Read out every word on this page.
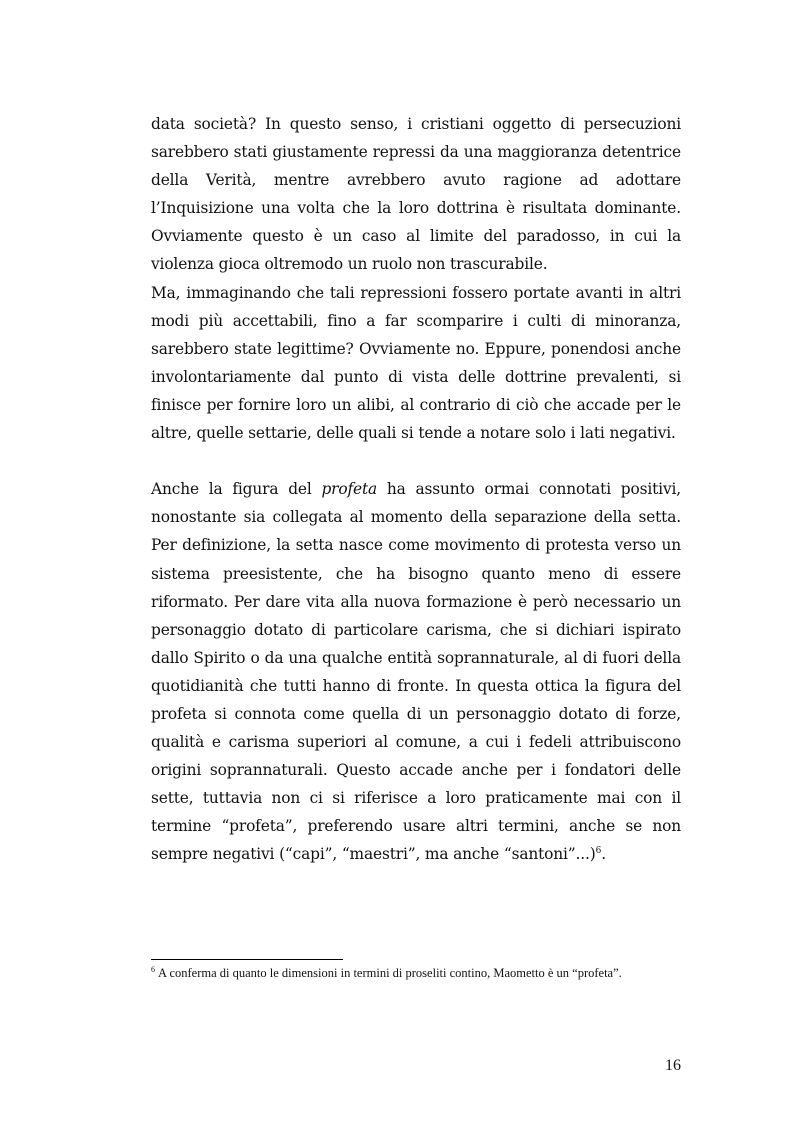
data società? In questo senso, i cristiani oggetto di persecuzioni sarebbero stati giustamente repressi da una maggioranza detentrice della Verità, mentre avrebbero avuto ragione ad adottare l’Inquisizione una volta che la loro dottrina è risultata dominante. Ovviamente questo è un caso al limite del paradosso, in cui la violenza gioca oltremodo un ruolo non trascurabile.

Ma, immaginando che tali repressioni fossero portate avanti in altri modi più accettabili, fino a far scomparire i culti di minoranza, sarebbero state legittime? Ovviamente no. Eppure, ponendosi anche involontariamente dal punto di vista delle dottrine prevalenti, si finisce per fornire loro un alibi, al contrario di ciò che accade per le altre, quelle settarie, delle quali si tende a notare solo i lati negativi.

Anche la figura del profeta ha assunto ormai connotati positivi, nonostante sia collegata al momento della separazione della setta. Per definizione, la setta nasce come movimento di protesta verso un sistema preesistente, che ha bisogno quanto meno di essere riformato. Per dare vita alla nuova formazione è però necessario un personaggio dotato di particolare carisma, che si dichiari ispirato dallo Spirito o da una qualche entità soprannaturale, al di fuori della quotidianità che tutti hanno di fronte. In questa ottica la figura del profeta si connota come quella di un personaggio dotato di forze, qualità e carisma superiori al comune, a cui i fedeli attribuiscono origini soprannaturali. Questo accade anche per i fondatori delle sette, tuttavia non ci si riferisce a loro praticamente mai con il termine “profeta”, preferendo usare altri termini, anche se non sempre negativi (“capi”, “maestri”, ma anche “santoni”...)$^6$.

$^6$ A conferma di quanto le dimensioni in termini di proseliti contino, Maometto è un “profeta”.
16
